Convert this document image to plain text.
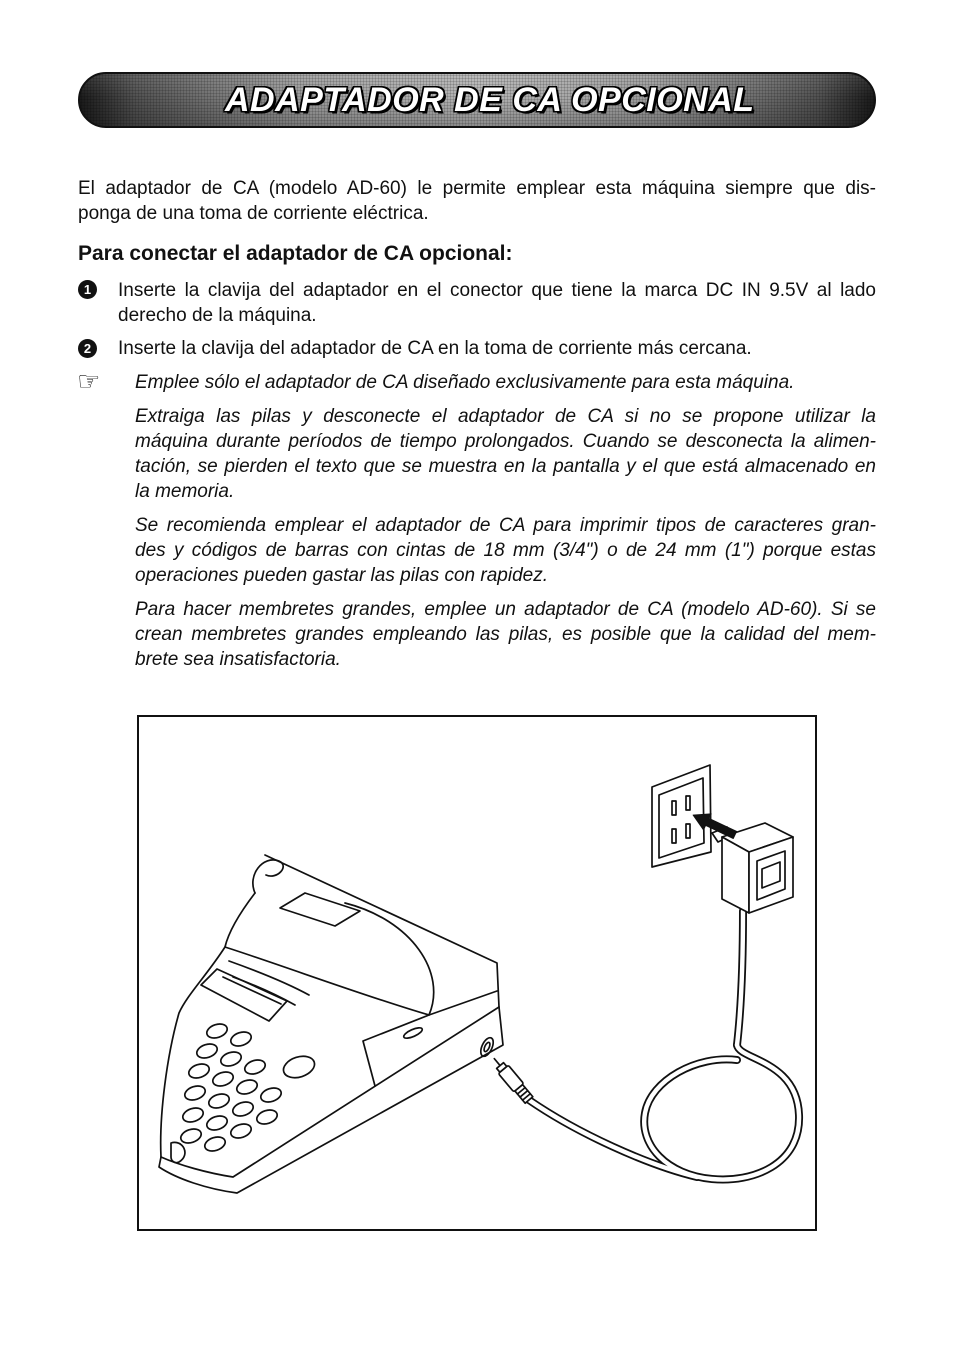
ADAPTADOR DE CA OPCIONAL
El adaptador de CA (modelo AD-60) le permite emplear esta máquina siempre que dis-
ponga de una toma de corriente eléctrica.
Para conectar el adaptador de CA opcional:
1	Inserte la clavija del adaptador en el conector que tiene la marca DC IN 9.5V al lado
derecho de la máquina.
2	Inserte la clavija del adaptador de CA en la toma de corriente más cercana.
☞
Emplee sólo el adaptador de CA diseñado exclusivamente para esta máquina.
Extraiga las pilas y desconecte el adaptador de CA si no se propone utilizar la
máquina durante períodos de tiempo prolongados. Cuando se desconecta la alimen-
tación, se pierden el texto que se muestra en la pantalla y el que está almacenado en
la memoria.
Se recomienda emplear el adaptador de CA para imprimir tipos de caracteres gran-
des y códigos de barras con cintas de 18 mm (3/4") o de 24 mm (1") porque estas
operaciones pueden gastar las pilas con rapidez.
Para hacer membretes grandes, emplee un adaptador de CA (modelo AD-60). Si se
crean membretes grandes empleando las pilas, es posible que la calidad del mem-
brete sea insatisfactoria.
